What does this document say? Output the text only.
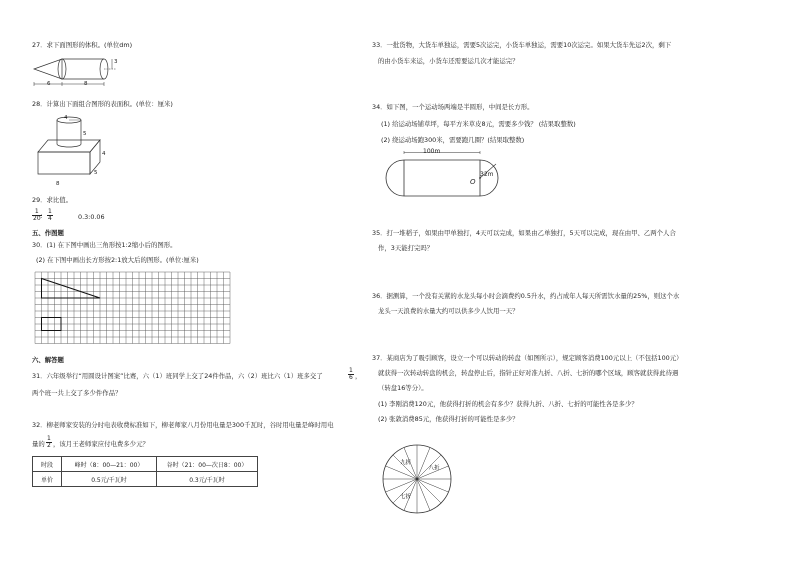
27．求下面图形的体积。(单位dm)
6	8
3
28．计算出下面组合图形的表面积。(单位：厘米)
4
5
4
5
8
29．求比值。
$\frac{1}{20}$
： $\frac{1}{4}$	0.3:0.06
五、作图题
30．(1) 在下图中画出三角形按1:2缩小后的图形。
(2) 在下图中画出长方形按2:1放大后的图形。(单位:厘米)
六、解答题
31．六年级举行“用圆设计图案”比赛，六（1）班同学上交了24件作品，六（2）班比六（1）班多交了	$\frac{1}{6}$ ，
两个班一共上交了多少件作品？
32．柳老师家安装的分时电表收费标准如下，柳老师家八月份用电量是300千瓦时，谷时用电量是峰时用电
量的 $\frac{1}{2}$ ，该月王老师家应付电费多少元？
时段	峰时（8：00—21：00）	谷时（21：00—次日8：00）
单价	0.5元/千瓦时	0.3元/千瓦时
33．一批货物，大货车单独运，需要5次运完，小货车单独运，需要10次运完。如果大货车先运2次，剩下
的由小货车来运，小货车还需要运几次才能运完？
34．如下图，一个运动场两端是半圆形，中间是长方形。
(1) 给运动场铺草坪，每平方米草皮8元，需要多少钱？ (结果取整数)
(2) 绕运动场跑300米，需要跑几圈？(结果取整数)
100m
32m
O
35．打一堆稻子，如果由甲单独打，4天可以完成，如果由乙单独打，5天可以完成，现在由甲、乙两个人合
作，3天能打完吗？
36．据测算，一个没有关紧的水龙头每小时会滴费约0.5升水，约占成年人每天所需饮水量的25%，则这个水
龙头一天浪费的水量大约可以供多少人饮用一天？
37．某商店为了吸引顾客，设立一个可以转动的转盘（如图所示），规定顾客消费100元以上（不包括100元）
就获得一次转动转盘的机会，转盘停止后，指针正好对准九折、八折、七折的哪个区域，顾客就获得此待遇
（转盘16等分）。
(1) 李刚消费120元，他获得打折的机会有多少？获得九折、八折、七折的可能性各是多少？
(2) 张敦消费85元，他获得打折的可能性是多少？
九折
八折
七折
